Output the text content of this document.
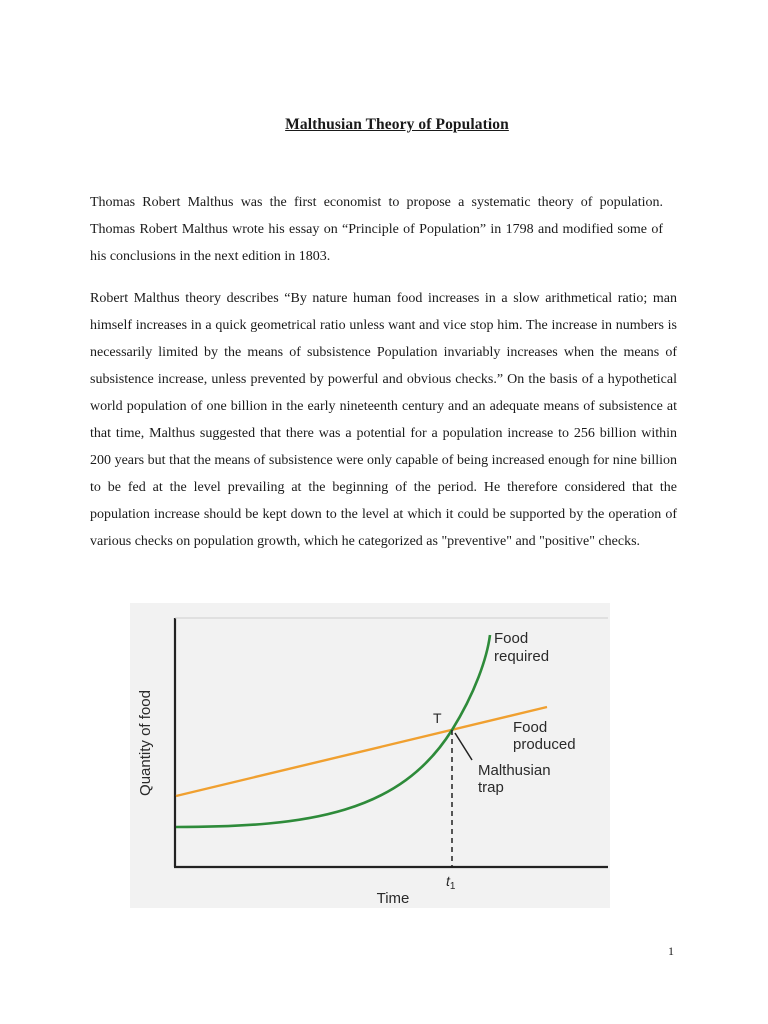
Malthusian Theory of Population

Thomas Robert Malthus was the first economist to propose a systematic theory of population. Thomas Robert Malthus wrote his essay on “Principle of Population” in 1798 and modified some of his conclusions in the next edition in 1803.

Robert Malthus theory describes “By nature human food increases in a slow arithmetical ratio; man himself increases in a quick geometrical ratio unless want and vice stop him. The increase in numbers is necessarily limited by the means of subsistence Population invariably increases when the means of subsistence increase, unless prevented by powerful and obvious checks.” On the basis of a hypothetical world population of one billion in the early nineteenth century and an adequate means of subsistence at that time, Malthus suggested that there was a potential for a population increase to 256 billion within 200 years but that the means of subsistence were only capable of being increased enough for nine billion to be fed at the level prevailing at the beginning of the period. He therefore considered that the population increase should be kept down to the level at which it could be supported by the operation of various checks on population growth, which he categorized as "preventive" and "positive" checks.

Quantity of food
Time
Food
required
Food
produced
T
Malthusian
trap
$t_1$
1
